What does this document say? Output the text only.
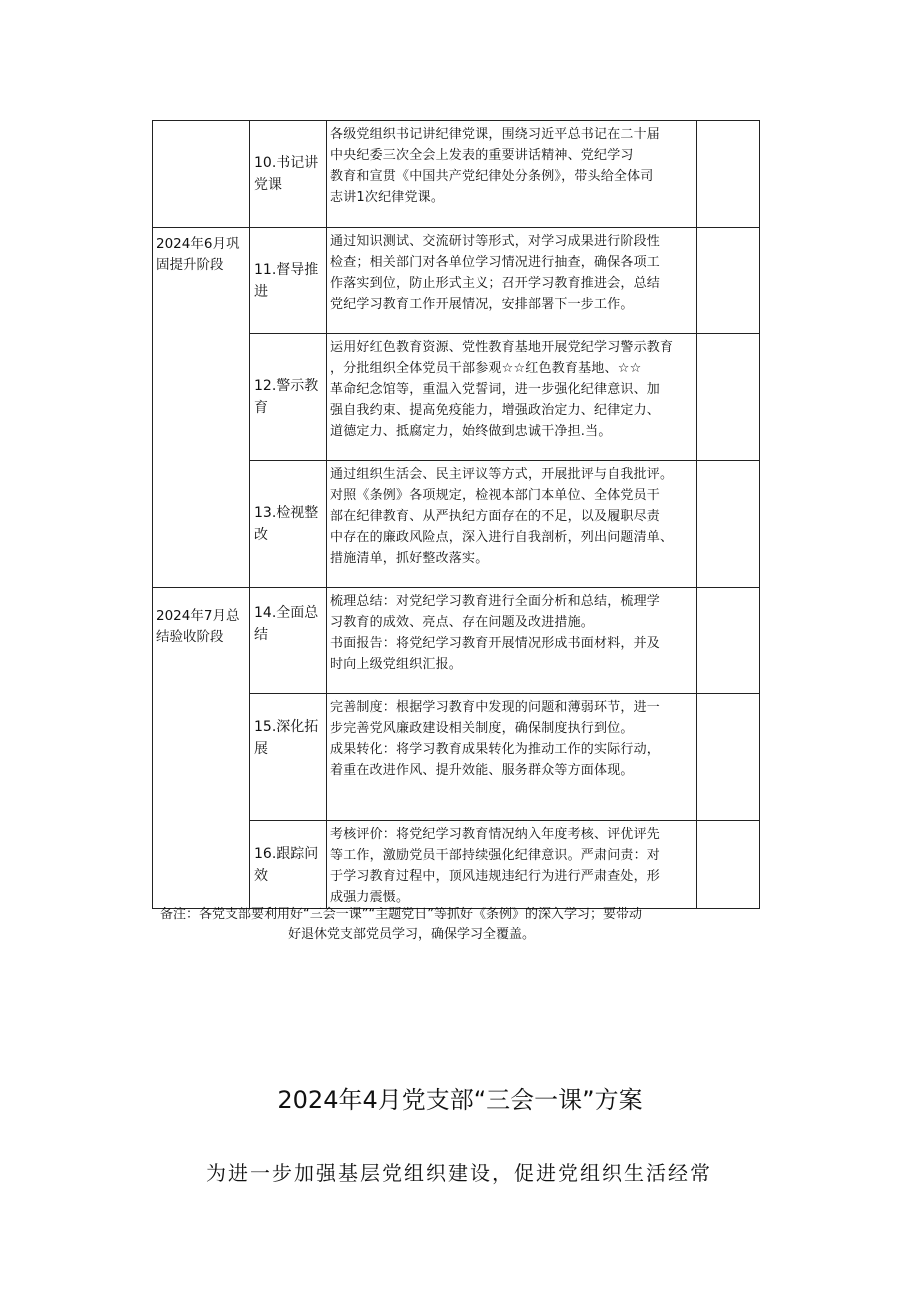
	10.书记讲党课	各级党组织书记讲纪律党课，围绕习近平总书记在二十届
中央纪委三次全会上发表的重要讲话精神、党纪学习
教育和宣贯《中国共产党纪律处分条例》，带头给全体司
志讲1次纪律党课。	

2024年6月巩固提升阶段	11.督导推进	通过知识测试、交流研讨等形式，对学习成果进行阶段性
检查；相关部门对各单位学习情况进行抽查，确保各项工
作落实到位，防止形式主义；召开学习教育推进会，总结
党纪学习教育工作开展情况，安排部署下一步工作。	

	12.警示教育	运用好红色教育资源、党性教育基地开展党纪学习警示教育
，分批组织全体党员干部参观☆☆红色教育基地、☆☆
革命纪念馆等，重温入党誓词，进一步强化纪律意识、加
强自我约束、提高免疫能力，增强政治定力、纪律定力、
道德定力、抵腐定力，始终做到忠诚干净担.当。	

	13.检视整改	通过组织生活会、民主评议等方式，开展批评与自我批评。
对照《条例》各项规定，检视本部门本单位、全体党员干
部在纪律教育、从严执纪方面存在的不足，以及履职尽责
中存在的廉政风险点，深入进行自我剖析，列出问题清单、
措施清单，抓好整改落实。	

2024年7月总结验收阶段	14.全面总结	梳理总结：对党纪学习教育进行全面分析和总结，梳理学
习教育的成效、亮点、存在问题及改进措施。
书面报告：将党纪学习教育开展情况形成书面材料，并及
时向上级党组织汇报。	

	15.深化拓展	完善制度：根据学习教育中发现的问题和薄弱环节，进一
步完善党风廉政建设相关制度，确保制度执行到位。
成果转化：将学习教育成果转化为推动工作的实际行动，
着重在改进作风、提升效能、服务群众等方面体现。	

	16.跟踪问效	考核评价：将党纪学习教育情况纳入年度考核、评优评先
等工作，激励党员干部持续强化纪律意识。严肃问责：对
于学习教育过程中，顶风违规违纪行为进行严肃查处，形
成强力震慑。	

备注：各党支部要利用好“三会一课”“主题党日”等抓好《条例》的深入学习；要带动
好退休党支部党员学习，确保学习全覆盖。
2024年4月党支部“三会一课”方案
为进一步加强基层党组织建设，促进党组织生活经常
